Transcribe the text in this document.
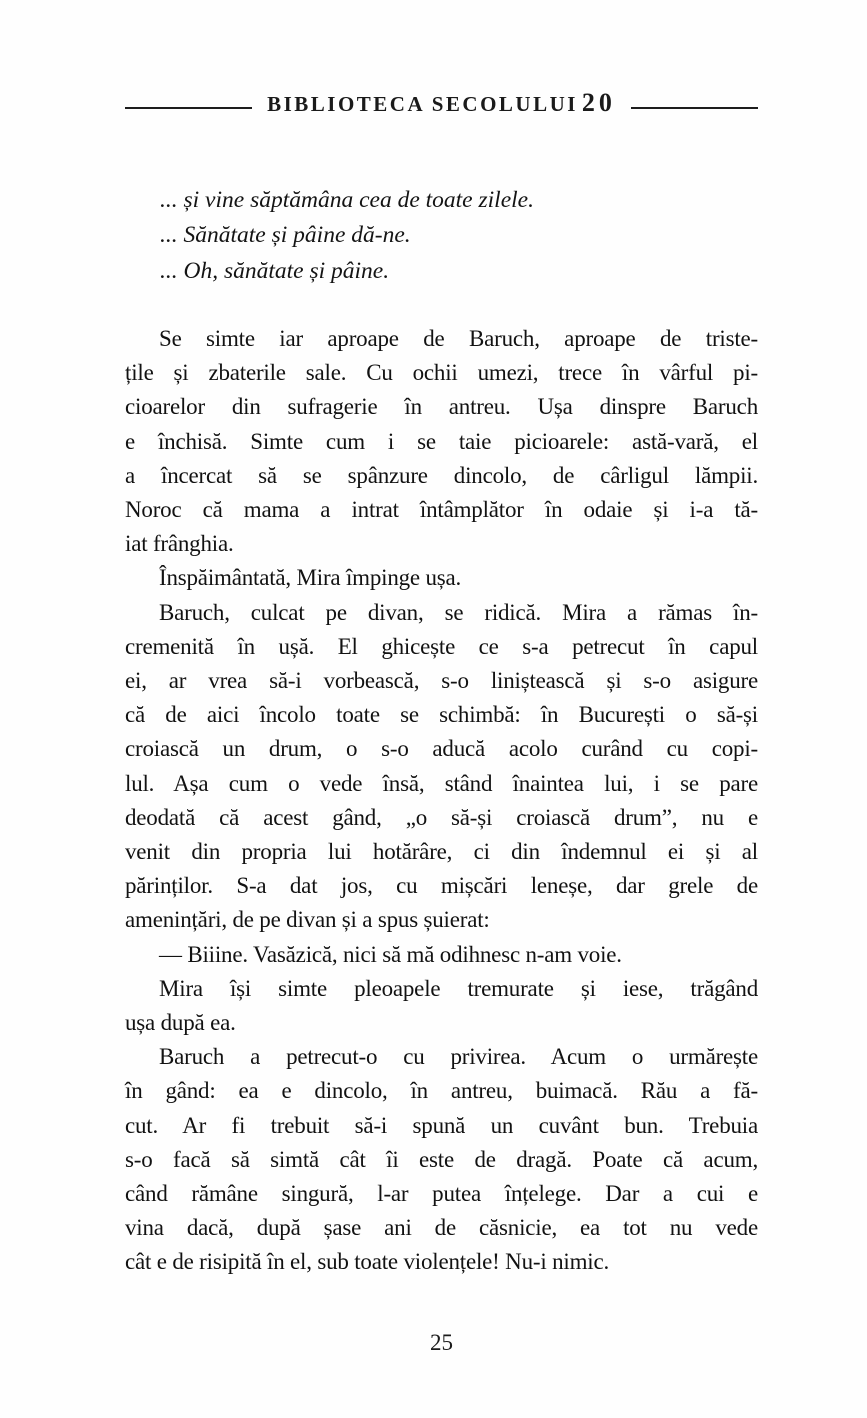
BIBLIOTECA SECOLULUI 20
... și vine săptămâna cea de toate zilele.
... Sănătate și pâine dă-ne.
... Oh, sănătate și pâine.
Se simte iar aproape de Baruch, aproape de triste-
țile și zbaterile sale. Cu ochii umezi, trece în vârful pi-
cioarelor din sufragerie în antreu. Ușa dinspre Baruch
e închisă. Simte cum i se taie picioarele: astă-vară, el
a încercat să se spânzure dincolo, de cârligul lămpii.
Noroc că mama a intrat întâmplător în odaie și i-a tă-
iat frânghia.
Înspăimântată, Mira împinge ușa.
Baruch, culcat pe divan, se ridică. Mira a rămas în-
cremenită în ușă. El ghicește ce s-a petrecut în capul
ei, ar vrea să-i vorbească, s-o liniștească și s-o asigure
că de aici încolo toate se schimbă: în București o să-și
croiască un drum, o s-o aducă acolo curând cu copi-
lul. Așa cum o vede însă, stând înaintea lui, i se pare
deodată că acest gând, „o să-și croiască drum”, nu e
venit din propria lui hotărâre, ci din îndemnul ei și al
părinților. S-a dat jos, cu mișcări leneșe, dar grele de
amenințări, de pe divan și a spus șuierat:
— Biiine. Vasăzică, nici să mă odihnesc n-am voie.
Mira își simte pleoapele tremurate și iese, trăgând
ușa după ea.
Baruch a petrecut-o cu privirea. Acum o urmărește
în gând: ea e dincolo, în antreu, buimacă. Rău a fă-
cut. Ar fi trebuit să-i spună un cuvânt bun. Trebuia
s-o facă să simtă cât îi este de dragă. Poate că acum,
când rămâne singură, l-ar putea înțelege. Dar a cui e
vina dacă, după șase ani de căsnicie, ea tot nu vede
cât e de risipită în el, sub toate violențele! Nu-i nimic.
25
